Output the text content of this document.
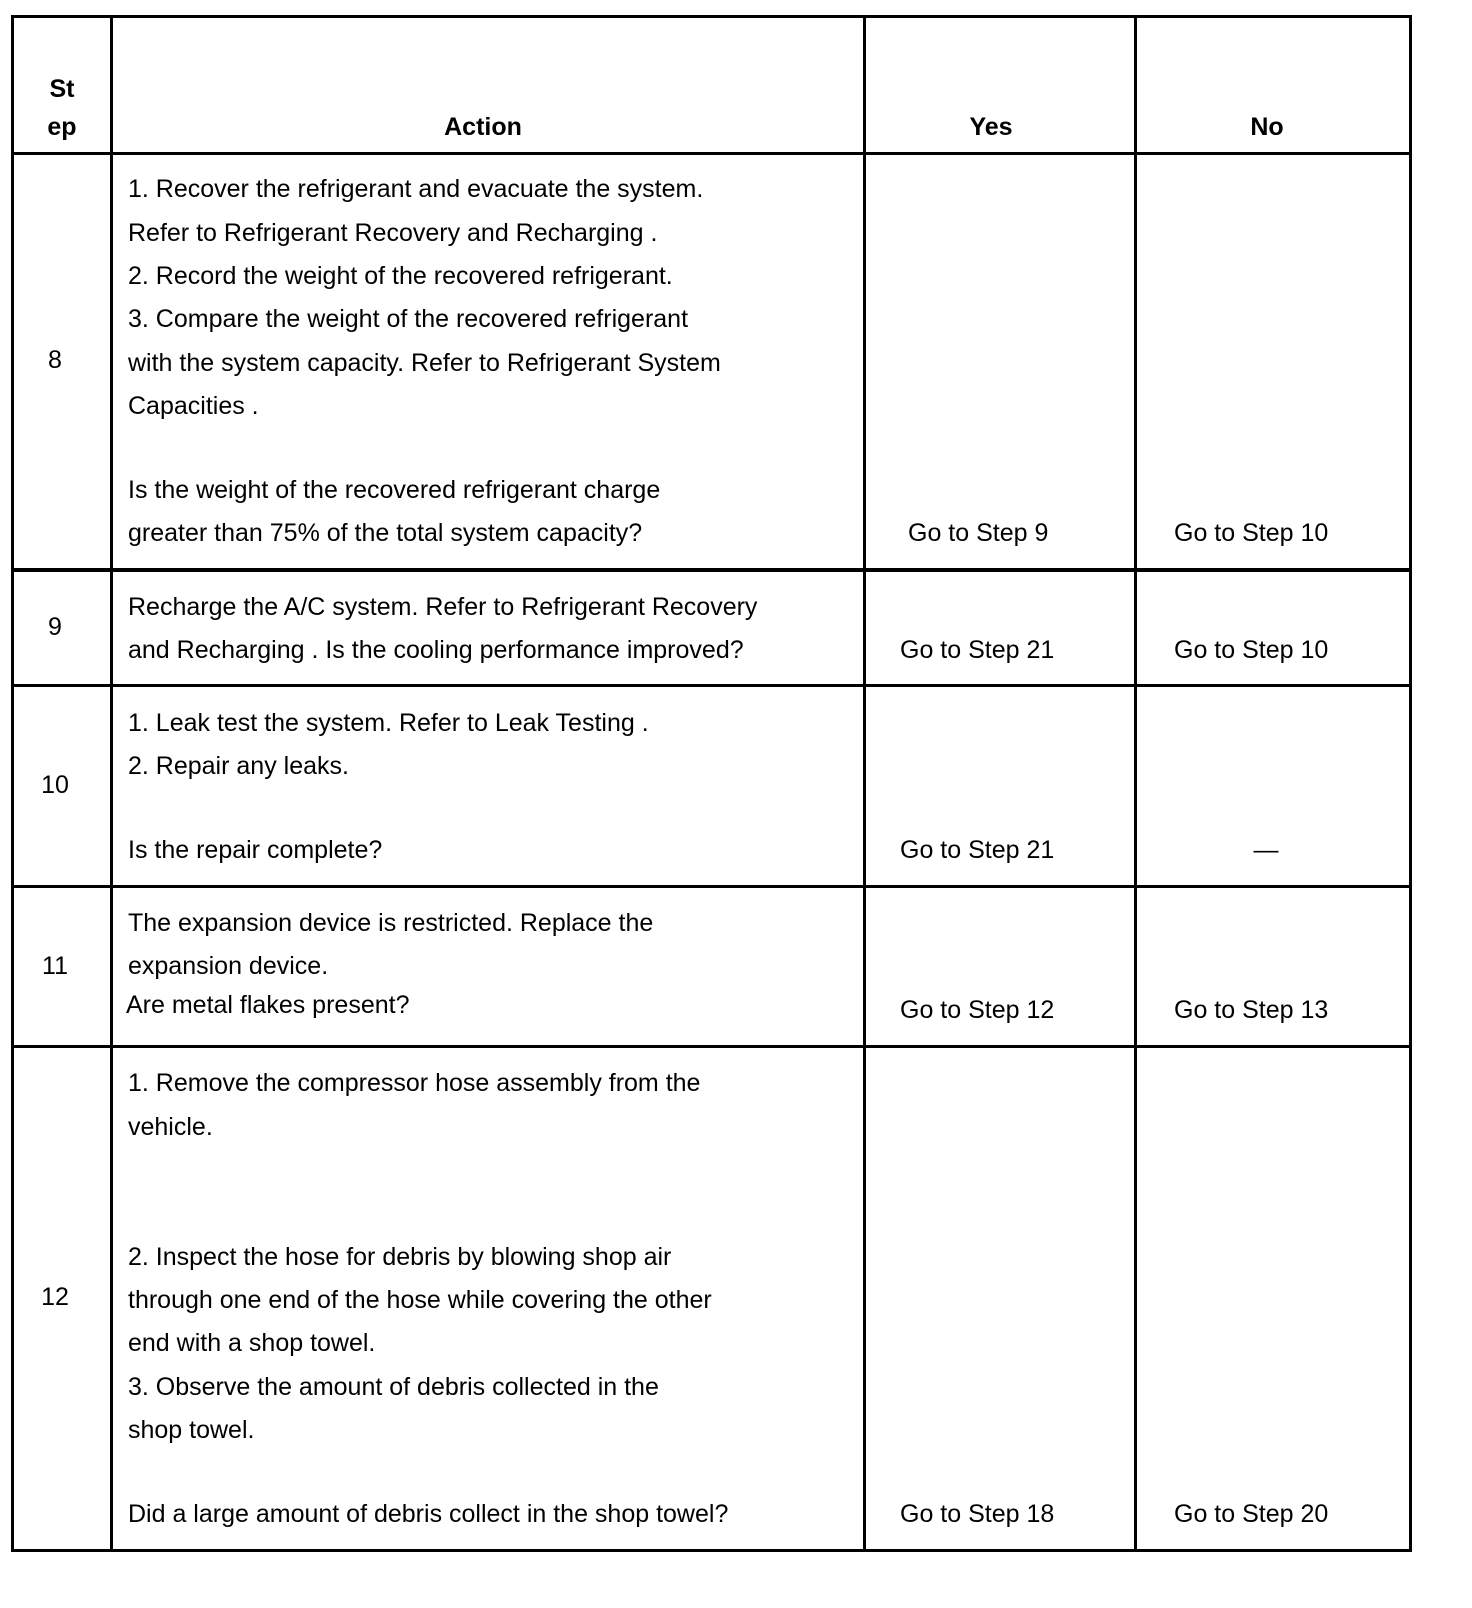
St
ep	Action	Yes	No
8
1. Recover the refrigerant and evacuate the system.
Refer to Refrigerant Recovery and Recharging .
2. Record the weight of the recovered refrigerant.
3. Compare the weight of the recovered refrigerant
with the system capacity. Refer to Refrigerant System
Capacities .
Is the weight of the recovered refrigerant charge
greater than 75% of the total system capacity?	Go to Step 9	Go to Step 10
9
Recharge the A/C system. Refer to Refrigerant Recovery
and Recharging . Is the cooling performance improved?	Go to Step 21	Go to Step 10
10
1. Leak test the system. Refer to Leak Testing .
2. Repair any leaks.
Is the repair complete?	Go to Step 21	—
11
The expansion device is restricted. Replace the
expansion device.
Are metal flakes present?	Go to Step 12	Go to Step 13
12
1. Remove the compressor hose assembly from the
vehicle.
2. Inspect the hose for debris by blowing shop air
through one end of the hose while covering the other
end with a shop towel.
3. Observe the amount of debris collected in the
shop towel.
Did a large amount of debris collect in the shop towel?	Go to Step 18	Go to Step 20
